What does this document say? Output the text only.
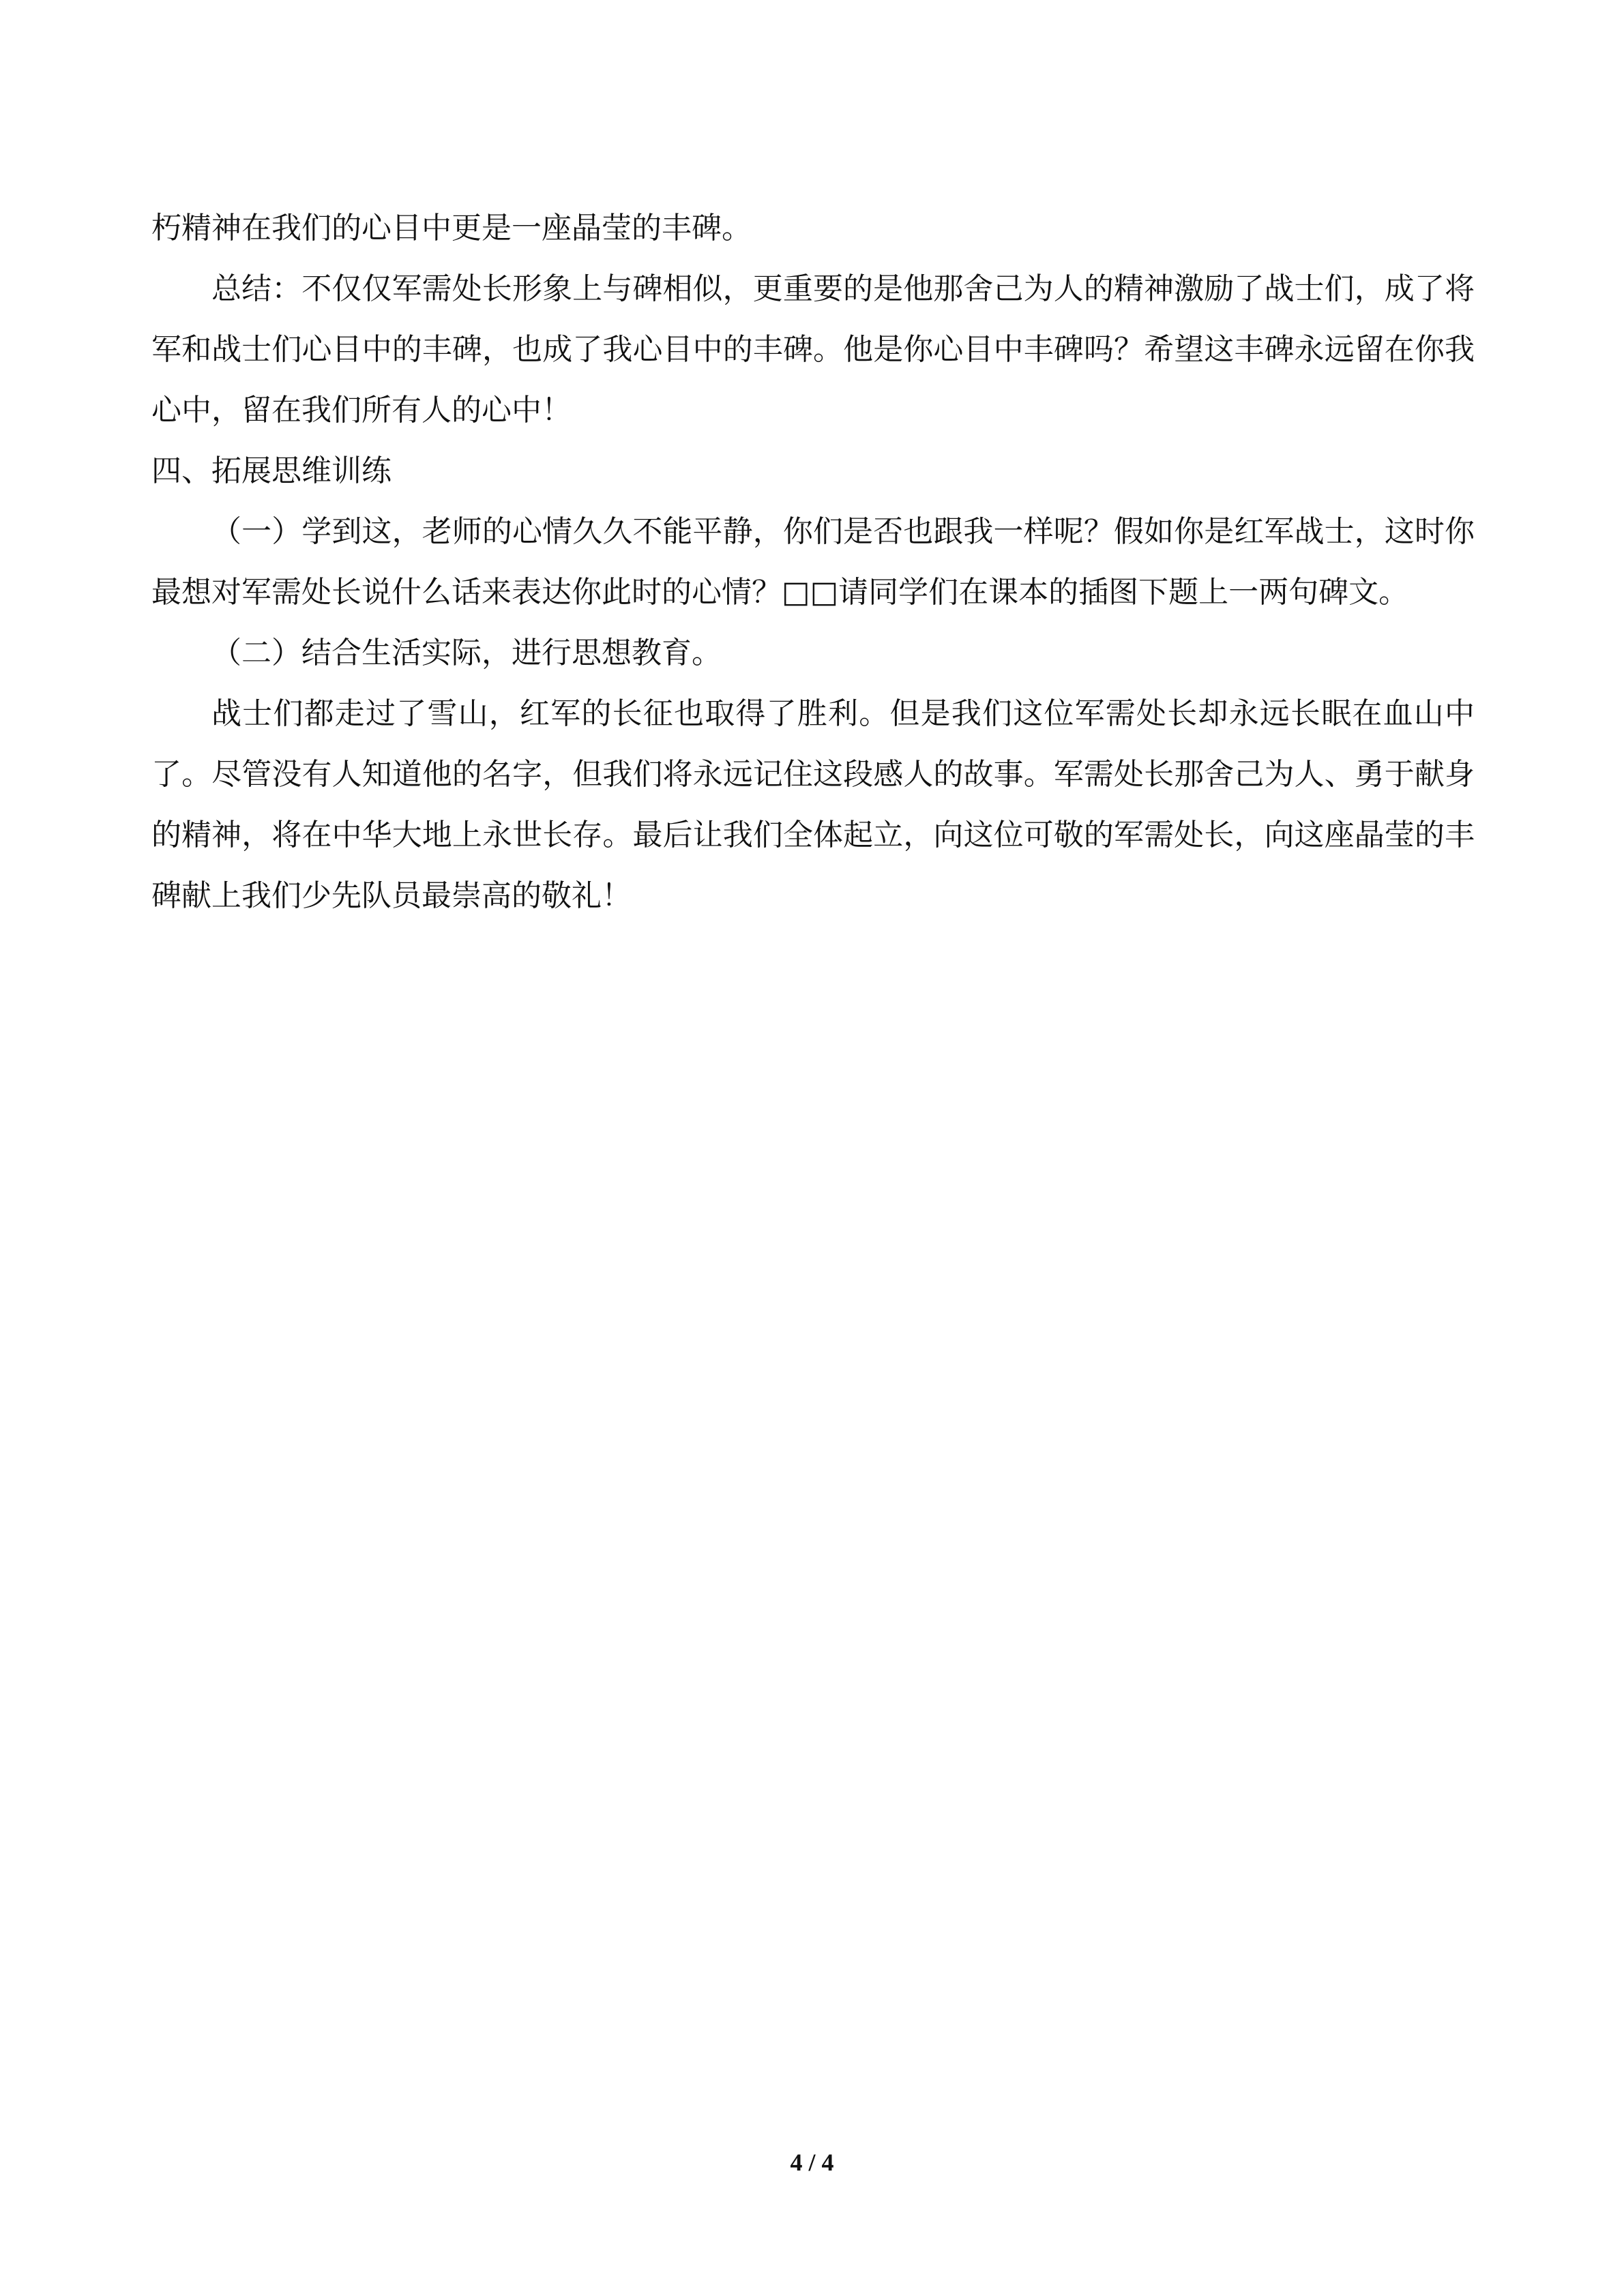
朽精神在我们的心目中更是一座晶莹的丰碑。

总结：不仅仅军需处长形象上与碑相似，更重要的是他那舍己为人的精神激励了战士们，成了将军和战士们心目中的丰碑，也成了我心目中的丰碑。他是你心目中丰碑吗？希望这丰碑永远留在你我心中，留在我们所有人的心中！

四、拓展思维训练

（一）学到这，老师的心情久久不能平静，你们是否也跟我一样呢？假如你是红军战士，这时你最想对军需处长说什么话来表达你此时的心情？□□请同学们在课本的插图下题上一两句碑文。

（二）结合生活实际，进行思想教育。

战士们都走过了雪山，红军的长征也取得了胜利。但是我们这位军需处长却永远长眠在血山中了。尽管没有人知道他的名字，但我们将永远记住这段感人的故事。军需处长那舍己为人、勇于献身的精神，将在中华大地上永世长存。最后让我们全体起立，向这位可敬的军需处长，向这座晶莹的丰碑献上我们少先队员最崇高的敬礼！

4 / 4
